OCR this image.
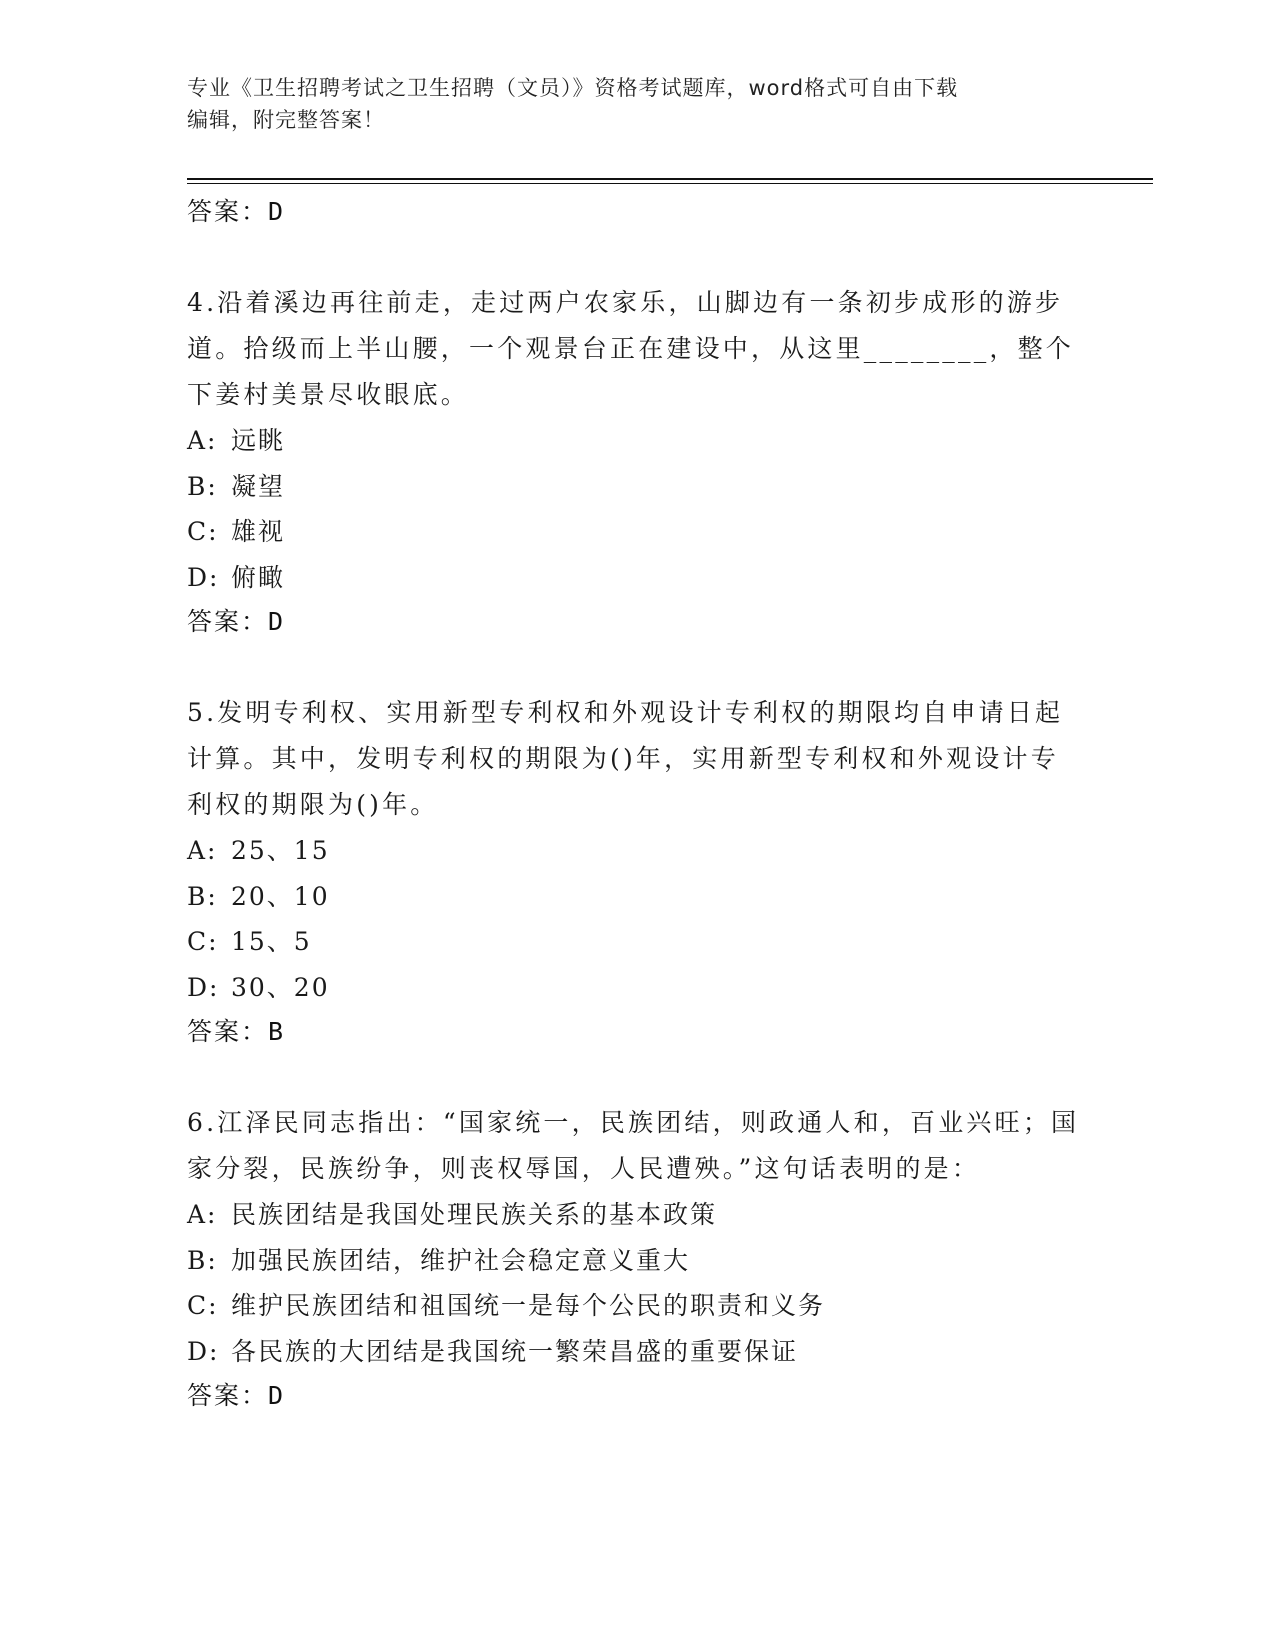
专业《卫生招聘考试之卫生招聘（文员）》资格考试题库，word格式可自由下载
编辑，附完整答案！
答案：D

4.沿着溪边再往前走，走过两户农家乐，山脚边有一条初步成形的游步道。拾级而上半山腰，一个观景台正在建设中，从这里________，整个下姜村美景尽收眼底。

A: 远眺
B: 凝望
C: 雄视
D: 俯瞰
答案：D

5.发明专利权、实用新型专利权和外观设计专利权的期限均自申请日起计算。其中，发明专利权的期限为()年，实用新型专利权和外观设计专利权的期限为()年。

A: 25、15
B: 20、10
C: 15、5
D: 30、20
答案：B

6.江泽民同志指出：“国家统一，民族团结，则政通人和，百业兴旺；国家分裂，民族纷争，则丧权辱国，人民遭殃。”这句话表明的是：

A: 民族团结是我国处理民族关系的基本政策
B: 加强民族团结，维护社会稳定意义重大
C: 维护民族团结和祖国统一是每个公民的职责和义务
D: 各民族的大团结是我国统一繁荣昌盛的重要保证
答案：D
